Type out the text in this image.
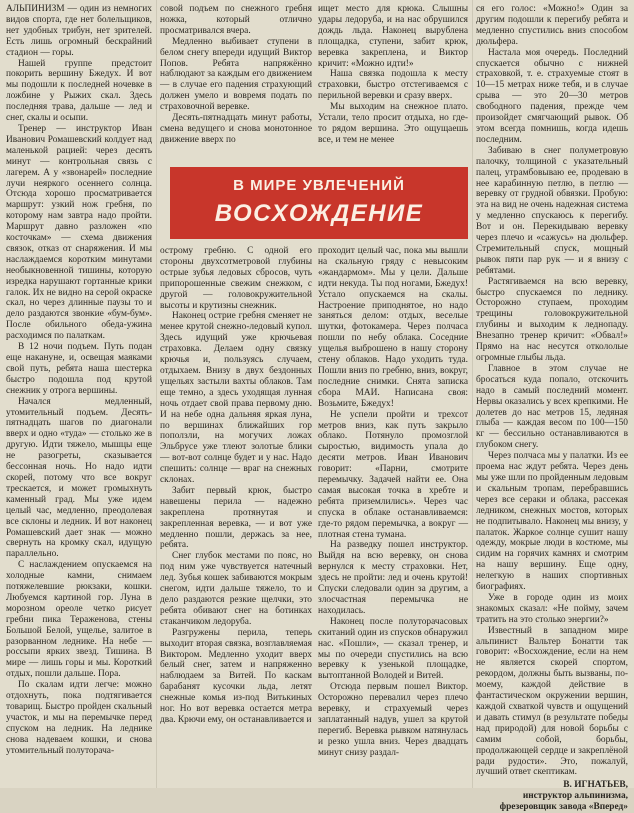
АЛЬПИНИЗМ — один из немногих видов спорта, где нет болельщиков, нет удобных трибун, нет зрителей. Есть лишь огромный бескрайний стадион — горы.

Нашей группе предстоит покорить вершину Бжедух. И вот мы подошли к последней ночевке в ложбине у Рыжих скал. Здесь последняя трава, дальше — лед и снег, скалы и осыпи.

Тренер — инструктор Иван Иванович Ромашевский колдует над маленькой рацией: через десять минут — контрольная связь с лагерем. А у «звонарей» последние лучи неяркого осеннего солнца. Отсюда хорошо просматривается маршрут: узкий нож гребня, по которому нам завтра надо пройти. Маршрут давно разложен «по косточкам» — схема движения связок, отказ от снаряжения. И мы наслаждаемся коротким минутами необыкновенной тишины, которую изредка нарушают гортанные крики галок. Их не видно на серой окраске скал, но через длинные паузы то и дело раздаются звонкие «бум-бум». После обильного обеда-ужина расходимся по палаткам.

В 12 ночи подъем. Путь подан еще накануне, и, освещая маяками свой путь, ребята наша шестерка быстро подошла под крутой снежник у отрога вершины.

Начался медленный, утомительный подъем. Десять-пятнадцать шагов по диагонали вверх и одно «туда» — столько же в другую. Идти тяжело, мышцы еще не разогреты, сказывается бессонная ночь. Но надо идти скорей, потому что все вокруг трескается, и может громыхнуть каменный град. Мы уже идем целый час, медленно, преодолевая все склоны и ледник. И вот наконец Ромашевский дает знак — можно свернуть на кромку скал, идущую параллельно.

С наслаждением опускаемся на холодные камни, снимаем потяжелевшие рюкзаки, кошки. Любуемся картиной гор. Луна в морозном ореоле четко рисует гребни пика Тераженова, стены Большой Белой, ущелье, залитое в разорванном леднике. На небе — россыпи ярких звезд. Тишина. В мире — лишь горы и мы. Короткий отдых, пошли дальше. Пора.

По скалам идти легче: можно отдохнуть, пока подтягивается товарищ. Быстро пройден скальный участок, и мы на перемычке перед спуском на ледник. На леднике снова надеваем кошки, и снова утомительный полуторача-

совой подъем по снежного гребня ножка, который отлично просматривался вчера.

Медленно выбивает ступени в белом снегу впереди идущий Виктор Попов. Ребята напряжённо наблюдают за каждым его движением — в случае его падения страхующий должен умело и вовремя подать по страховочной веревке.

Десять-пятнадцать минут работы, смена ведущего и снова монотонное движение вверх по

ищет место для крюка. Слышны удары ледоруба, и на нас обрушился дождь льда. Наконец вырублена площадка, ступени, забит крюк, веревка закреплена, и Виктор кричит: «Можно идти!»

Наша связка подошла к месту страховки, быстро отстегиваемся с перильной веревки и сразу вверх.

Мы выходим на снежное плато. Устали, тело просит отдыха, но где-то рядом вершина. Это ощущаешь все, и тем не менее

В МИРЕ УВЛЕЧЕНИЙ
ВОСХОЖДЕНИЕ

острому гребню. С одной его стороны двухсотметровой глубины острые зубья ледовых сбросов, чуть припорошенные свежим снежком, с другой — головокружительной высоты и крутизны снежник.

Наконец острие гребня сменяет не менее крутой снежно-ледовый купол. Здесь идущий уже крючьевая страховка. Делаем одну связку крючья и, пользуясь случаем, отдыхаем. Внизу в двух бездонных ущельях застыли вахты облаков. Там еще темно, а здесь уходящая лунная ночь отдает свой права первому дню. И на небе одна дальняя яркая луна, по вершинах ближайших гор поползли, на могучих ложах Эльбрусе уже тлеют золотые блики — вот-вот солнце будет и у нас. Надо спешить: солнце — враг на снежных склонах.

Забит первый крюк, быстро навешены перила — надежно закреплена протянутая и закрепленная веревка, — и вот уже медленно пошли, держась за нее, ребята.

Снег глубок местами по пояс, но под ним уже чувствуется натечный лед. Зубья кошек забиваются мокрым снегом, идти дальше тяжело, то и дело раздаются резкие щелчки, это ребята обивают снег на ботинках стаканчиком ледоруба.

Разгружены перила, теперь выходит вторая связка, возглавляемая Виктором. Медленно уходит вверх белый снег, затем и напряженно наблюдаем за Витей. По каскам барабанят кусочки льда, летят снежные комья из-под Витькиных ног. Но вот веревка остается метра два. Крючи ему, он останавливается и

проходит целый час, пока мы вышли на скальную гряду с невысоким «жандармом». Мы у цели. Дальше идти некуда. Ты под ногами, Бжедух! Устало опускаемся на скалы. Настроение приподнятое, но надо заняться делом: отдых, веселые шутки, фотокамера. Через полчаса пошли по небу облака. Соседние ущелья выброшено в нашу сторону стену облаков. Надо уходить туда. Пошли вниз по гребню, вниз, вокруг, последние снимки. Снята записка сбора МАИ. Написана своя: Возьмите, Бжедух!

Не успели пройти и трехсот метров вниз, как путь закрыло облако. Потянуло промозглой сыростью, видимость упала до десяти метров. Иван Иванович говорит: «Парни, смотрите перемычку. Задачей найти ее. Она самая высокая точка в хребте и ребята приземлились». Через час спуска в облаке останавливаемся: где-то рядом перемычка, а вокруг — плотная стена тумана.

На разведку пошел инструктор. Выйдя на всю веревку, он снова вернулся к месту страховки. Нет, здесь не пройти: лед и очень крутой! Спуски следовали один за другим, а злосчастная перемычка не находилась.

Наконец после полуторачасовых скитаний один из спусков обнаружил нас. «Пошли», — сказал тренер, и мы по очереди спустились на всю веревку к узенькой площадке, вытоптанной Володей и Витей.

Отсюда первым пошел Виктор. Осторожно перевалил через плечо веревку, и страхуемый через заплатанный надув, ушел за крутой перегиб. Веревка рывком натянулась и резко ушла вниз. Через двадцать минут снизу раздал-

ся его голос: «Можно!» Один за другим подошли к перегибу ребята и медленно спустились вниз способом дюльфера.

Настала моя очередь. Последний спускается обычно с нижней страховкой, т. е. страхуемые стоят в 10—15 метрах ниже тебя, и в случае срыва — это 20—30 метров свободного падения, прежде чем произойдет смягчающий рывок. Об этом всегда помнишь, когда идешь последним.

Забиваю в снег полуметровую палочку, толщиной с указательный палец, утрамбовываю ее, продеваю в нее карабинную петлю, в петлю — веревку от грудной обвязки. Пробую: эта на вид не очень надежная система у медленно спускаюсь к перегибу. Вот и он. Перекидываю веревку через плечо и «сажусь» на дюльфер. Стремительный спуск, мощный рывок пяти пар рук — и я внизу с ребятами.

Растягиваемся на всю веревку, быстро спускаемся по леднику. Осторожно ступаем, проходим трещины головокружительной глубины и выходим к леднопаду. Внезапно тренер кричит: «Обвал!» Прямо на нас несутся откололые огромные глыбы льда.

Главное в этом случае не бросаться куда попало, отскочить надо в самый последний момент. Нервы оказались у всех крепкими. Не долетев до нас метров 15, ледяная глыба — каждая весом по 100—150 кг — бессильно останавливаются в глубоком снегу.

Через полчаса мы у палатки. Из ее проема нас ждут ребята. Через день мы уже шли по пройденным ледовым и скальным тропам, перебравшись через все сераки и облака, рассекая ледником, снежных мостов, которых не подпитывало. Наконец мы внизу, у палаток. Жаркое солнце сушит нашу одежду, мокрые люди в костюме, мы сидим на горячих камнях и смотрим на нашу вершину. Еще одну, нелегкую в наших спортивных биографиях.

Уже в городе один из моих знакомых сказал: «Не пойму, зачем тратить на это столько энергии?»

Известный в западном мире альпинист Вальтер Бонатти так говорит: «Восхождение, если на нем не является скорей спортом, рекордом, должны быть вызваны, по-моему, каждой действие в фантастическом окружении вершин, каждой схваткой чувств и ощущений и давать стимул (в результате победы над природой) для новой борьбы с самим собой, борьбы, продолжающей сердце и закреплёной ради рудости». Это, пожалуй, лучший ответ скептикам.

В. ИГНАТЬЕВ,
инструктор альпинизма, фрезеровщик завода «Вперед»
